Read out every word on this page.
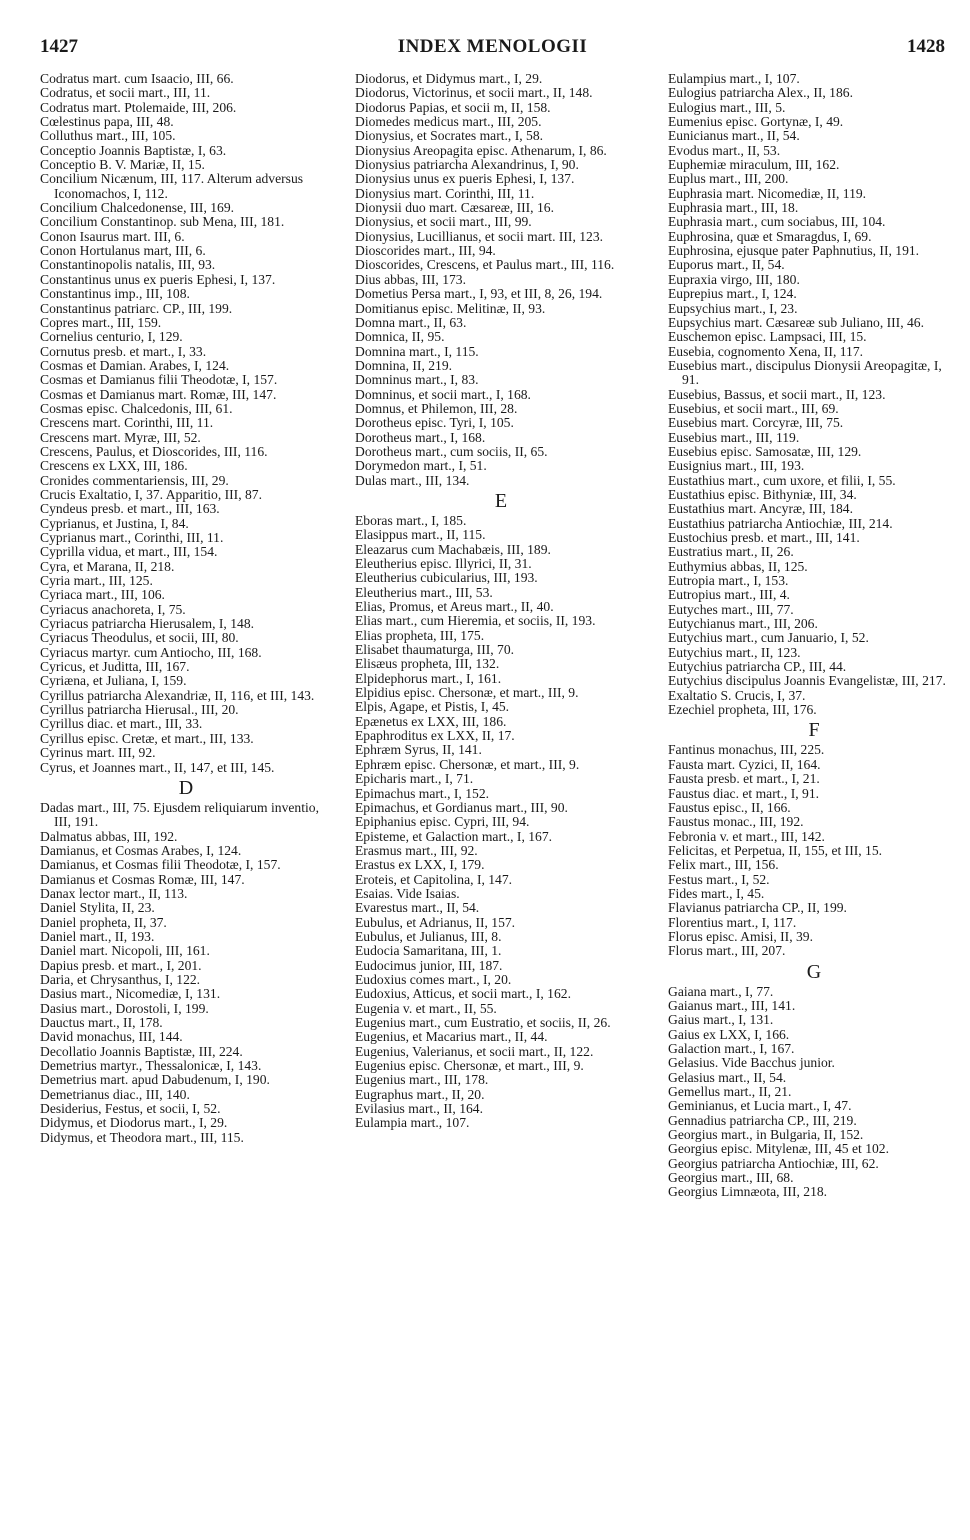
1427	INDEX MENOLOGII	1428
Codratus mart. cum Isaacio, III, 66.
Codratus, et socii mart., III, 11.
Codratus mart. Ptolemaide, III, 206.
Cœlestinus papa, III, 48.
Colluthus mart., III, 105.
Conceptio Joannis Baptistæ, I, 63.
Conceptio B. V. Mariæ, II, 15.
Concilium Nicænum, III, 117. Alterum adversus Iconomachos, I, 112.
Concilium Chalcedonense, III, 169.
Concilium Constantinop. sub Mena, III, 181.
Conon Isaurus mart. III, 6.
Conon Hortulanus mart, III, 6.
Constantinopolis natalis, III, 93.
Constantinus unus ex pueris Ephesi, I, 137.
Constantinus imp., III, 108.
Constantinus patriarc. CP., III, 199.
Copres mart., III, 159.
Cornelius centurio, I, 129.
Cornutus presb. et mart., I, 33.
Cosmas et Damian. Arabes, I, 124.
Cosmas et Damianus filii Theodotæ, I, 157.
Cosmas et Damianus mart. Romæ, III, 147.
Cosmas episc. Chalcedonis, III, 61.
Crescens mart. Corinthi, III, 11.
Crescens mart. Myræ, III, 52.
Crescens, Paulus, et Dioscorides, III, 116.
Crescens ex LXX, III, 186.
Cronides commentariensis, III, 29.
Crucis Exaltatio, I, 37. Apparitio, III, 87.
Cyndeus presb. et mart., III, 163.
Cyprianus, et Justina, I, 84.
Cyprianus mart., Corinthi, III, 11.
Cyprilla vidua, et mart., III, 154.
Cyra, et Marana, II, 218.
Cyria mart., III, 125.
Cyriaca mart., III, 106.
Cyriacus anachoreta, I, 75.
Cyriacus patriarcha Hierusalem, I, 148.
Cyriacus Theodulus, et socii, III, 80.
Cyriacus martyr. cum Antiocho, III, 168.
Cyricus, et Juditta, III, 167.
Cyriæna, et Juliana, I, 159.
Cyrillus patriarcha Alexandriæ, II, 116, et III, 143.
Cyrillus patriarcha Hierusal., III, 20.
Cyrillus diac. et mart., III, 33.
Cyrillus episc. Cretæ, et mart., III, 133.
Cyrinus mart. III, 92.
Cyrus, et Joannes mart., II, 147, et III, 145.
D
Dadas mart., III, 75. Ejusdem reliquiarum inventio, III, 191.
Dalmatus abbas, III, 192.
Damianus, et Cosmas Arabes, I, 124.
Damianus, et Cosmas filii Theodotæ, I, 157.
Damianus et Cosmas Romæ, III, 147.
Danax lector mart., II, 113.
Daniel Stylita, II, 23.
Daniel propheta, II, 37.
Daniel mart., II, 193.
Daniel mart. Nicopoli, III, 161.
Dapius presb. et mart., I, 201.
Daria, et Chrysanthus, I, 122.
Dasius mart., Nicomediæ, I, 131.
Dasius mart., Dorostoli, I, 199.
Dauctus mart., II, 178.
David monachus, III, 144.
Decollatio Joannis Baptistæ, III, 224.
Demetrius martyr., Thessalonicæ, I, 143.
Demetrius mart. apud Dabudenum, I, 190.
Demetrianus diac., III, 140.
Desiderius, Festus, et socii, I, 52.
Didymus, et Diodorus mart., I, 29.
Didymus, et Theodora mart., III, 115.
Diodorus, et Didymus mart., I, 29.
Diodorus, Victorinus, et socii mart., II, 148.
Diodorus Papias, et socii m, II, 158.
Diomedes medicus mart., III, 205.
Dionysius, et Socrates mart., I, 58.
Dionysius Areopagita episc. Athenarum, I, 86.
Dionysius patriarcha Alexandrinus, I, 90.
Dionysius unus ex pueris Ephesi, I, 137.
Dionysius mart. Corinthi, III, 11.
Dionysii duo mart. Cæsareæ, III, 16.
Dionysius, et socii mart., III, 99.
Dionysius, Lucillianus, et socii mart. III, 123.
Dioscorides mart., III, 94.
Dioscorides, Crescens, et Paulus mart., III, 116.
Dius abbas, III, 173.
Dometius Persa mart., I, 93, et III, 8, 26, 194.
Domitianus episc. Melitinæ, II, 93.
Domna mart., II, 63.
Domnica, II, 95.
Domnina mart., I, 115.
Domnina, II, 219.
Domninus mart., I, 83.
Domninus, et socii mart., I, 168.
Domnus, et Philemon, III, 28.
Dorotheus episc. Tyri, I, 105.
Dorotheus mart., I, 168.
Dorotheus mart., cum sociis, II, 65.
Dorymedon mart., I, 51.
Dulas mart., III, 134.
E
Eboras mart., I, 185.
Elasippus mart., II, 115.
Eleazarus cum Machabæis, III, 189.
Eleutherius episc. Illyrici, II, 31.
Eleutherius cubicularius, III, 193.
Eleutherius mart., III, 53.
Elias, Promus, et Areus mart., II, 40.
Elias mart., cum Hieremia, et sociis, II, 193.
Elias propheta, III, 175.
Elisabet thaumaturga, III, 70.
Elisæus propheta, III, 132.
Elpidephorus mart., I, 161.
Elpidius episc. Chersonæ, et mart., III, 9.
Elpis, Agape, et Pistis, I, 45.
Epænetus ex LXX, III, 186.
Epaphroditus ex LXX, II, 17.
Ephræm Syrus, II, 141.
Ephræm episc. Chersonæ, et mart., III, 9.
Epicharis mart., I, 71.
Epimachus mart., I, 152.
Epimachus, et Gordianus mart., III, 90.
Epiphanius episc. Cypri, III, 94.
Episteme, et Galaction mart., I, 167.
Erasmus mart., III, 92.
Erastus ex LXX, I, 179.
Eroteis, et Capitolina, I, 147.
Esaias. Vide Isaias.
Evarestus mart., II, 54.
Eubulus, et Adrianus, II, 157.
Eubulus, et Julianus, III, 8.
Eudocia Samaritana, III, 1.
Eudocimus junior, III, 187.
Eudoxius comes mart., I, 20.
Eudoxius, Atticus, et socii mart., I, 162.
Eugenia v. et mart., II, 55.
Eugenius mart., cum Eustratio, et sociis, II, 26.
Eugenius, et Macarius mart., II, 44.
Eugenius, Valerianus, et socii mart., II, 122.
Eugenius episc. Chersonæ, et mart., III, 9.
Eugenius mart., III, 178.
Eugraphus mart., II, 20.
Evilasius mart., II, 164.
Eulampia mart., 107.
Eulampius mart., I, 107.
Eulogius patriarcha Alex., II, 186.
Eulogius mart., III, 5.
Eumenius episc. Gortynæ, I, 49.
Eunicianus mart., II, 54.
Evodus mart., II, 53.
Euphemiæ miraculum, III, 162.
Euplus mart., III, 200.
Euphrasia mart. Nicomediæ, II, 119.
Euphrasia mart., III, 18.
Euphrasia mart., cum sociabus, III, 104.
Euphrosina, quæ et Smaragdus, I, 69.
Euphrosina, ejusque pater Paphnutius, II, 191.
Euporus mart., II, 54.
Eupraxia virgo, III, 180.
Euprepius mart., I, 124.
Eupsychius mart., I, 23.
Eupsychius mart. Cæsareæ sub Juliano, III, 46.
Euschemon episc. Lampsaci, III, 15.
Eusebia, cognomento Xena, II, 117.
Eusebius mart., discipulus Dionysii Areopagitæ, I, 91.
Eusebius, Bassus, et socii mart., II, 123.
Eusebius, et socii mart., III, 69.
Eusebius mart. Corcyræ, III, 75.
Eusebius mart., III, 119.
Eusebius episc. Samosatæ, III, 129.
Eusignius mart., III, 193.
Eustathius mart., cum uxore, et filii, I, 55.
Eustathius episc. Bithyniæ, III, 34.
Eustathius mart. Ancyræ, III, 184.
Eustathius patriarcha Antiochiæ, III, 214.
Eustochius presb. et mart., III, 141.
Eustratius mart., II, 26.
Euthymius abbas, II, 125.
Eutropia mart., I, 153.
Eutropius mart., III, 4.
Eutyches mart., III, 77.
Eutychianus mart., III, 206.
Eutychius mart., cum Januario, I, 52.
Eutychius mart., II, 123.
Eutychius patriarcha CP., III, 44.
Eutychius discipulus Joannis Evangelistæ, III, 217.
Exaltatio S. Crucis, I, 37.
Ezechiel propheta, III, 176.
F
Fantinus monachus, III, 225.
Fausta mart. Cyzici, II, 164.
Fausta presb. et mart., I, 21.
Faustus diac. et mart., I, 91.
Faustus episc., II, 166.
Faustus monac., III, 192.
Febronia v. et mart., III, 142.
Felicitas, et Perpetua, II, 155, et III, 15.
Felix mart., III, 156.
Festus mart., I, 52.
Fides mart., I, 45.
Flavianus patriarcha CP., II, 199.
Florentius mart., I, 117.
Florus episc. Amisi, II, 39.
Florus mart., III, 207.
G
Gaiana mart., I, 77.
Gaianus mart., III, 141.
Gaius mart., I, 131.
Gaius ex LXX, I, 166.
Galaction mart., I, 167.
Gelasius. Vide Bacchus junior.
Gelasius mart., II, 54.
Gemellus mart., II, 21.
Geminianus, et Lucia mart., I, 47.
Gennadius patriarcha CP., III, 219.
Georgius mart., in Bulgaria, II, 152.
Georgius episc. Mitylenæ, III, 45 et 102.
Georgius patriarcha Antiochiæ, III, 62.
Georgius mart., III, 68.
Georgius Limnæota, III, 218.
